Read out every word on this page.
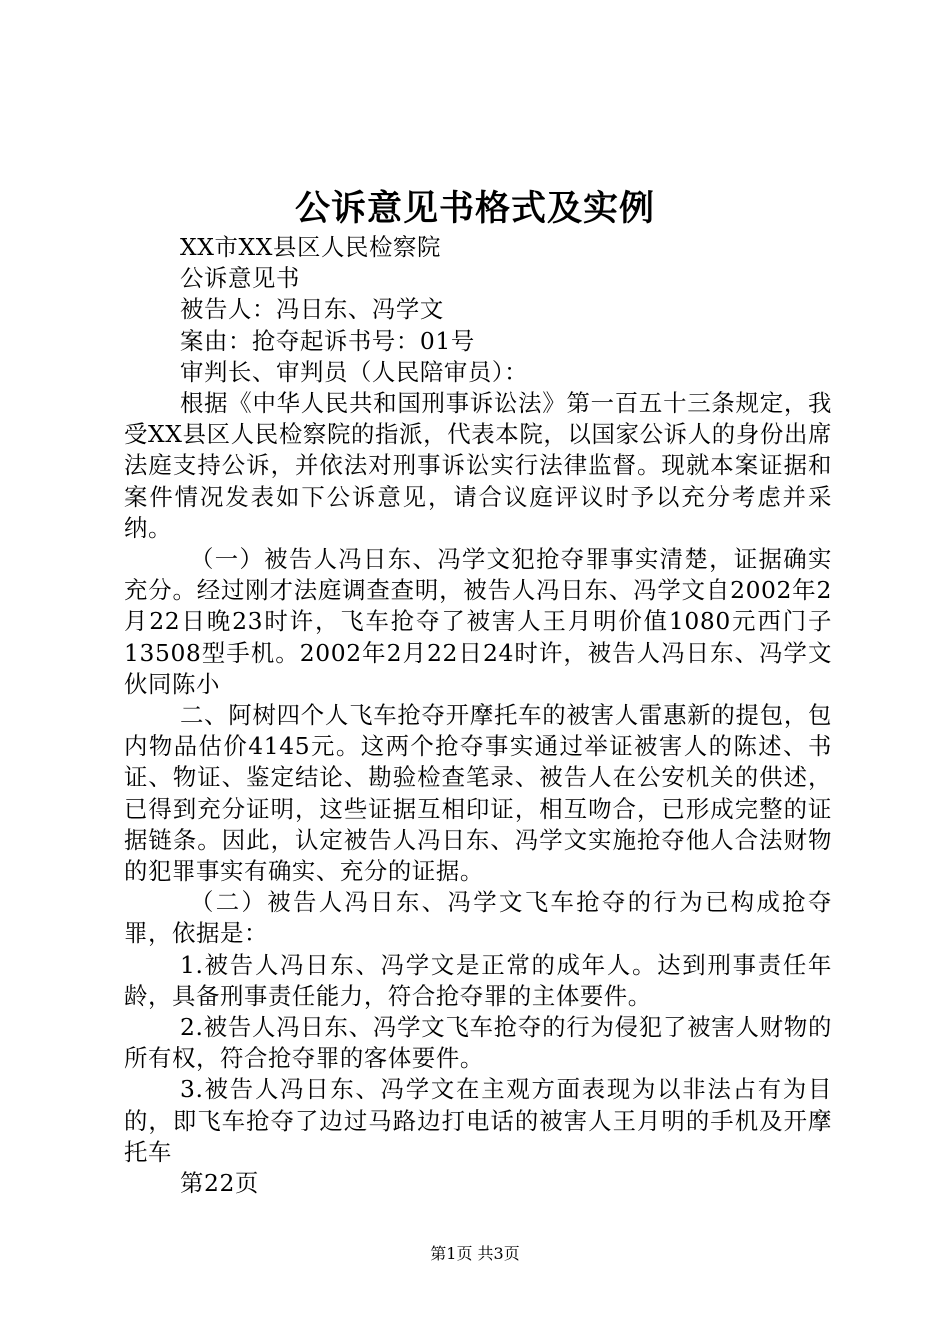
公诉意见书格式及实例

XX市XX县区人民检察院

公诉意见书

被告人：冯日东、冯学文

案由：抢夺起诉书号：01号

审判长、审判员（人民陪审员）：

根据《中华人民共和国刑事诉讼法》第一百五十三条规定，我受XX县区人民检察院的指派，代表本院，以国家公诉人的身份出席法庭支持公诉，并依法对刑事诉讼实行法律监督。现就本案证据和案件情况发表如下公诉意见，请合议庭评议时予以充分考虑并采纳。

（一）被告人冯日东、冯学文犯抢夺罪事实清楚，证据确实充分。经过刚才法庭调查查明，被告人冯日东、冯学文自2002年2月22日晚23时许，飞车抢夺了被害人王月明价值1080元西门子13508型手机。2002年2月22日24时许，被告人冯日东、冯学文伙同陈小

二、阿树四个人飞车抢夺开摩托车的被害人雷惠新的提包，包内物品估价4145元。这两个抢夺事实通过举证被害人的陈述、书证、物证、鉴定结论、勘验检查笔录、被告人在公安机关的供述，已得到充分证明，这些证据互相印证，相互吻合，已形成完整的证据链条。因此，认定被告人冯日东、冯学文实施抢夺他人合法财物的犯罪事实有确实、充分的证据。

（二）被告人冯日东、冯学文飞车抢夺的行为已构成抢夺罪，依据是：

1.被告人冯日东、冯学文是正常的成年人。达到刑事责任年龄，具备刑事责任能力，符合抢夺罪的主体要件。

2.被告人冯日东、冯学文飞车抢夺的行为侵犯了被害人财物的所有权，符合抢夺罪的客体要件。

3.被告人冯日东、冯学文在主观方面表现为以非法占有为目的，即飞车抢夺了边过马路边打电话的被害人王月明的手机及开摩托车

第22页

第1页 共3页
